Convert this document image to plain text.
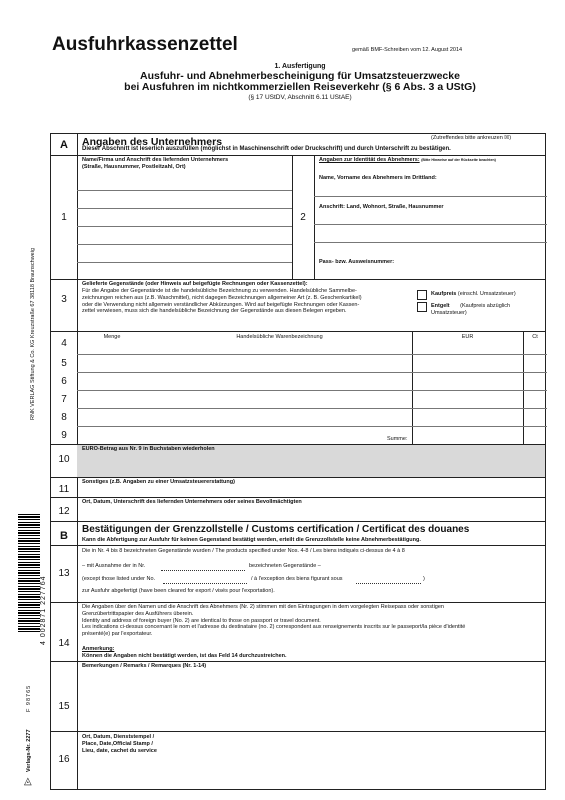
Ausfuhrkassenzettel	gemäß BMF-Schreiben vom 12. August 2014
1. Ausfertigung
Ausfuhr- und Abnehmerbescheinigung für Umsatzsteuerzwecke
bei Ausfuhren im nichtkommerziellen Reiseverkehr (§ 6 Abs. 3 a UStG)
(§ 17 UStDV, Abschnitt 6.11 UStAE)
RNK VERLAG Stiftung & Co. KG Kreuzstraße 67 38118 Braunschweig
4 002871 227764
F 98765
Verlags-Nr. 2277
◬
A	Angaben des Unternehmers	(Zutreffendes bitte ankreuzen ☒)
Dieser Abschnitt ist leserlich auszufüllen (möglichst in Maschinenschrift oder Druckschrift) und durch Unterschrift zu bestätigen.
1
Name/Firma und Anschrift des liefernden Unternehmers
(Straße, Hausnummer, Postleitzahl, Ort)
2
Angaben zur Identität des Abnehmers: (Bitte Hinweise auf der Rückseite beachten)
Name, Vorname des Abnehmers im Drittland:
Anschrift: Land, Wohnort, Straße, Hausnummer
Pass- bzw. Ausweisnummer:
3
Gelieferte Gegenstände (oder Hinweis auf beigefügte Rechnungen oder Kassenzettel):
Für die Angabe der Gegenstände ist die handelsübliche Bezeichnung zu verwenden. Handelsübliche Sammelbe-
zeichnungen reichen aus (z.B. Waschmittel), nicht dagegen Bezeichnungen allgemeiner Art (z. B. Geschenkartikel)
oder die Verwendung nicht allgemein verständlicher Abkürzungen. Wird auf beigefügte Rechnungen oder Kassen-
zettel verwiesen, muss sich die handelsübliche Bezeichnung der Gegenstände aus diesen Belegen ergeben.
Kaufpreis (einschl. Umsatzsteuer)
Entgelt (Kaufpreis abzüglich
Umsatzsteuer)
Menge	Handelsübliche Warenbezeichnung	EUR	Ct
4
5
6
7
8
9	Summe:
10
EURO-Betrag aus Nr. 9 in Buchstaben wiederholen
11
Sonstiges (z.B. Angaben zu einer Umsatzsteuererstattung)
12
Ort, Datum, Unterschrift des liefernden Unternehmers oder seines Bevollmächtigten
B
Bestätigungen der Grenzzollstelle / Customs certification / Certificat des douanes
Kann die Abfertigung zur Ausfuhr für keinen Gegenstand bestätigt werden, erteilt die Grenzzollstelle keine Abnehmerbestätigung.
13
Die in Nr. 4 bis 8 bezeichneten Gegenstände wurden / The products specified under Nos. 4-8 / Les biens indiqués ci-dessus de 4 à 8
– mit Ausnahme der in Nr.	bezeichneten Gegenstände –
(except those listed under No.	/ à l'exception des biens figurant sous	)
zur Ausfuhr abgefertigt (have been cleared for export / visés pour l'exportation).
14
Die Angaben über den Namen und die Anschrift des Abnehmers (Nr. 2) stimmen mit den Eintragungen in dem vorgelegten Reisepass oder sonstigen
Grenzübertrittspapier des Ausführers überein.
Identity and address of foreign buyer (No. 2) are identical to those on passport or travel document.
Les indications ci-dessus concernant le nom et l'adresse du destinataire (no. 2) correspondent aux renseignements inscrits sur le passeport/la pièce d'identité
présenté(e) par l'exportateur.
Anmerkung:
Können die Angaben nicht bestätigt werden, ist das Feld 14 durchzustreichen.
15
Bemerkungen / Remarks / Remarques (Nr. 1-14)
16
Ort, Datum, Dienststempel /
Place, Date,Official Stamp /
Lieu, date, cachet du service
